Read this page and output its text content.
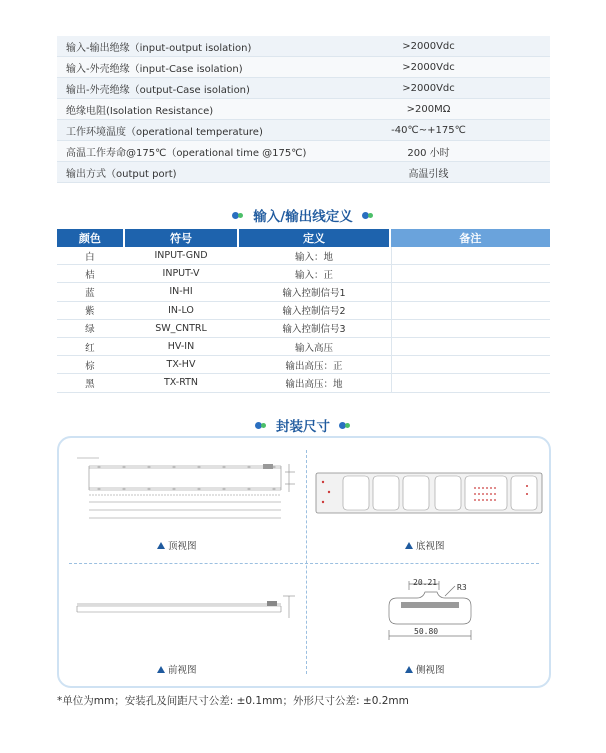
输入-输出绝缘（input-output isolation)	>2000Vdc
输入-外壳绝缘（input-Case isolation)	>2000Vdc
输出-外壳绝缘（output-Case isolation)	>2000Vdc
绝缘电阻(Isolation Resistance)	>200MΩ
工作环境温度（operational temperature)	-40℃~+175℃
高温工作寿命@175℃（operational time @175℃)	200 小时
输出方式（output port)	高温引线
输入/输出线定义
颜色	符号	定义	备注
白	INPUT-GND	输入：地
桔	INPUT-V	输入：正
蓝	IN-HI	输入控制信号1
紫	IN-LO	输入控制信号2
绿	SW_CNTRL	输入控制信号3
红	HV-IN	输入高压
棕	TX-HV	输出高压：正
黑	TX-RTN	输出高压：地
封装尺寸
顶视图	底视图
前视图
20.21
R3
50.80
侧视图
*单位为mm；安装孔及间距尺寸公差: ±0.1mm；外形尺寸公差: ±0.2mm
